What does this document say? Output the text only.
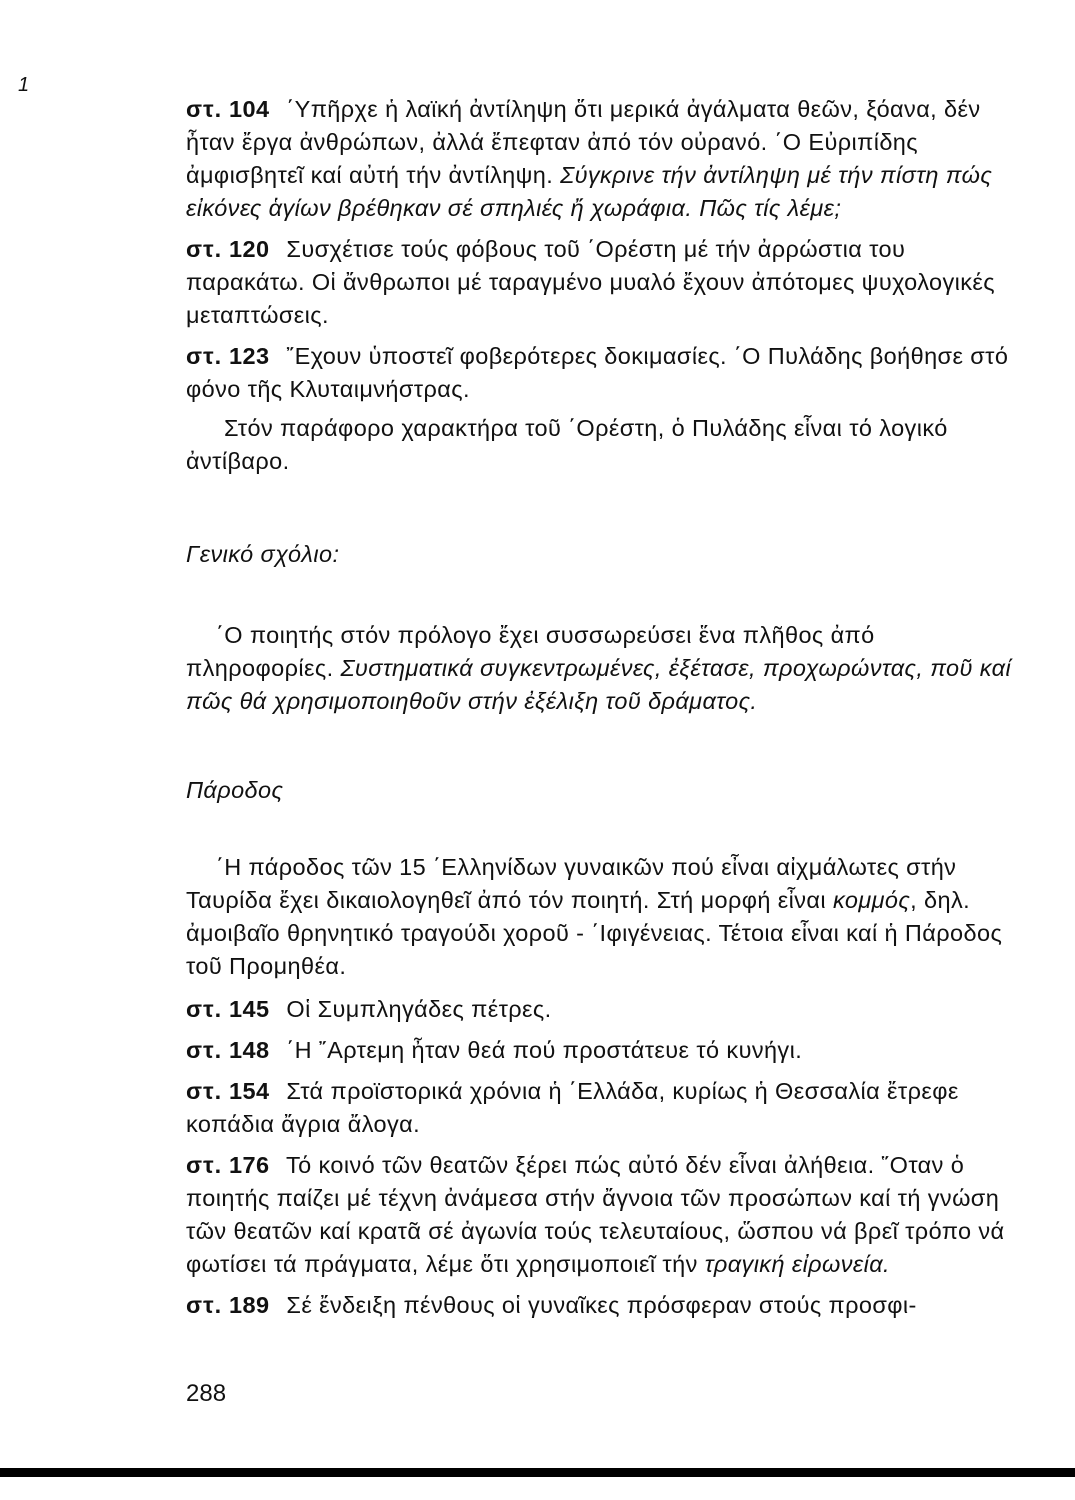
1

στ. 104 ΄Υπῆρχε ἡ λαϊκή ἀντίληψη ὅτι μερικά ἀγάλματα θεῶν, ξόανα, δέν ἦταν ἔργα ἀνθρώπων, ἀλλά ἔπεφταν ἀπό τόν οὐρανό. ΄Ο Εὐριπίδης ἀμφισβητεῖ καί αὐτή τήν ἀντίληψη. Σύγκρινε τήν ἀντίληψη μέ τήν πίστη πώς εἰκόνες ἁγίων βρέθηκαν σέ σπηλιές ἤ χωράφια. Πῶς τίς λέμε;

στ. 120 Συσχέτισε τούς φόβους τοῦ ΄Ορέστη μέ τήν ἀρρώστια του παρακάτω. Οἱ ἄνθρωποι μέ ταραγμένο μυαλό ἔχουν ἀπότομες ψυχολογικές μεταπτώσεις.

στ. 123 ῎Εχουν ὑποστεῖ φοβερότερες δοκιμασίες. ΄Ο Πυλάδης βοήθησε στό φόνο τῆς Κλυταιμνήστρας.

Στόν παράφορο χαρακτήρα τοῦ ΄Ορέστη, ὁ Πυλάδης εἶναι τό λογικό ἀντίβαρο.

Γενικό σχόλιο:

΄Ο ποιητής στόν πρόλογο ἔχει συσσωρεύσει ἕνα πλῆθος ἀπό πληροφορίες. Συστηματικά συγκεντρωμένες, ἐξέτασε, προχωρώντας, ποῦ καί πῶς θά χρησιμοποιηθοῦν στήν ἐξέλιξη τοῦ δράματος.

Πάροδος

΄Η πάροδος τῶν 15 ΄Ελληνίδων γυναικῶν πού εἶναι αἰχμάλωτες στήν Ταυρίδα ἔχει δικαιολογηθεῖ ἀπό τόν ποιητή. Στή μορφή εἶναι κομμός, δηλ. ἀμοιβαῖο θρηνητικό τραγούδι χοροῦ - ΄Ιφιγένειας. Τέτοια εἶναι καί ἡ Πάροδος τοῦ Προμηθέα.

στ. 145 Οἱ Συμπληγάδες πέτρες.

στ. 148 ΄Η ῎Αρτεμη ἦταν θεά πού προστάτευε τό κυνήγι.

στ. 154 Στά προϊστορικά χρόνια ἡ ΄Ελλάδα, κυρίως ἡ Θεσσαλία ἔτρεφε κοπάδια ἄγρια ἄλογα.

στ. 176 Τό κοινό τῶν θεατῶν ξέρει πώς αὐτό δέν εἶναι ἀλήθεια. ῞Οταν ὁ ποιητής παίζει μέ τέχνη ἀνάμεσα στήν ἄγνοια τῶν προσώπων καί τή γνώση τῶν θεατῶν καί κρατᾶ σέ ἀγωνία τούς τελευταίους, ὥσπου νά βρεῖ τρόπο νά φωτίσει τά πράγματα, λέμε ὅτι χρησιμοποιεῖ τήν τραγική εἰρωνεία.

στ. 189 Σέ ἔνδειξη πένθους οἱ γυναῖκες πρόσφεραν στούς προσφι-

288
